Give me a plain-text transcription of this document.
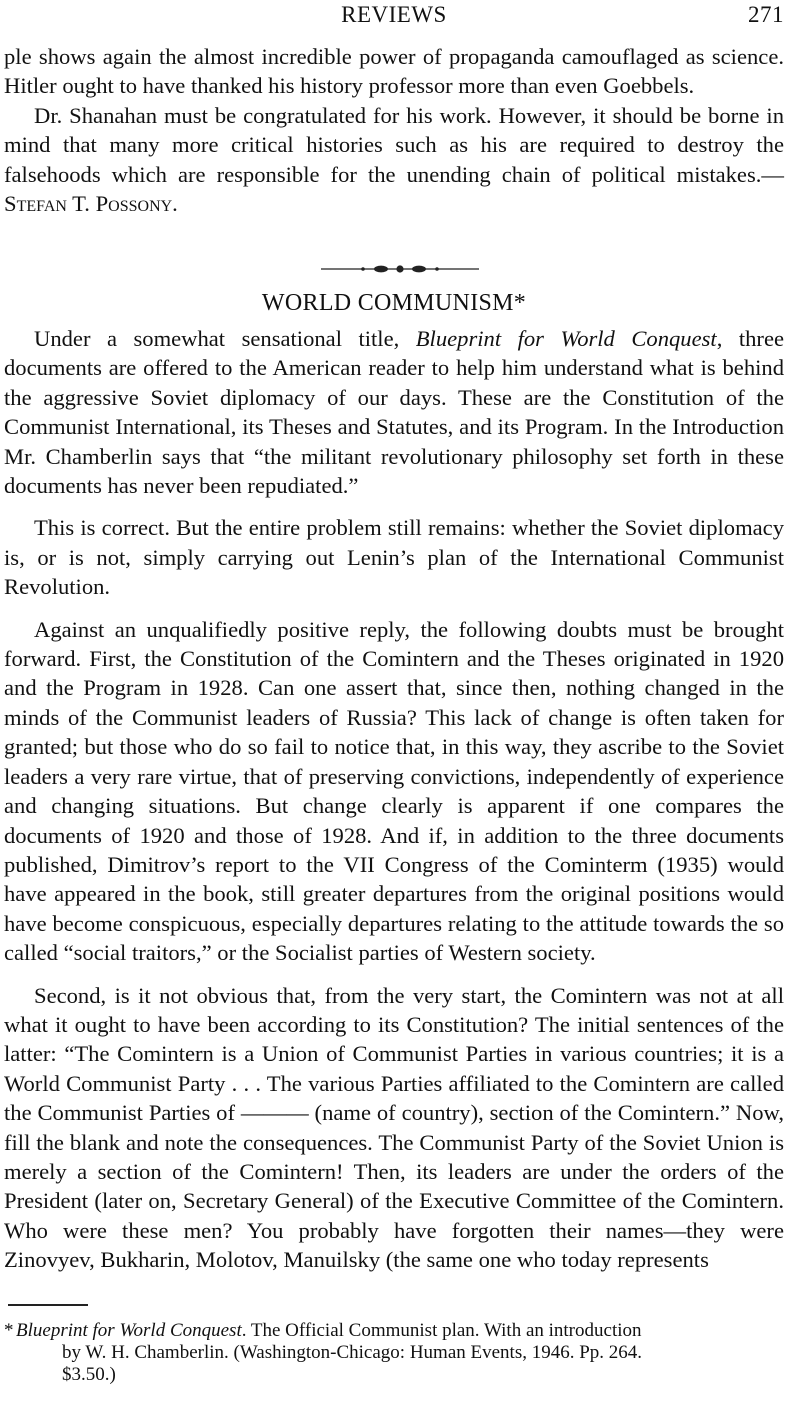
REVIEWS	271

ple shows again the almost incredible power of propaganda camouflaged as science. Hitler ought to have thanked his history professor more than even Goebbels.

Dr. Shanahan must be congratulated for his work. However, it should be borne in mind that many more critical histories such as his are required to destroy the falsehoods which are responsible for the unending chain of political mistakes.—Stefan T. Possony.

WORLD COMMUNISM*

Under a somewhat sensational title, Blueprint for World Conquest, three documents are offered to the American reader to help him understand what is behind the aggressive Soviet diplomacy of our days. These are the Constitution of the Communist International, its Theses and Statutes, and its Program. In the Introduction Mr. Chamberlin says that “the militant revolutionary philosophy set forth in these documents has never been repudiated.”

This is correct. But the entire problem still remains: whether the Soviet diplomacy is, or is not, simply carrying out Lenin’s plan of the International Communist Revolution.

Against an unqualifiedly positive reply, the following doubts must be brought forward. First, the Constitution of the Comintern and the Theses originated in 1920 and the Program in 1928. Can one assert that, since then, nothing changed in the minds of the Communist leaders of Russia? This lack of change is often taken for granted; but those who do so fail to notice that, in this way, they ascribe to the Soviet leaders a very rare virtue, that of preserving convictions, independently of experience and changing situations. But change clearly is apparent if one compares the documents of 1920 and those of 1928. And if, in addition to the three documents published, Dimitrov’s report to the VII Congress of the Cominterm (1935) would have appeared in the book, still greater departures from the original positions would have become conspicuous, especially departures relating to the attitude towards the so called “social traitors,” or the Socialist parties of Western society.

Second, is it not obvious that, from the very start, the Comintern was not at all what it ought to have been according to its Constitution? The initial sentences of the latter: “The Comintern is a Union of Communist Parties in various countries; it is a World Communist Party . . . The various Parties affiliated to the Comintern are called the Communist Parties of ——— (name of country), section of the Comintern.” Now, fill the blank and note the consequences. The Communist Party of the Soviet Union is merely a section of the Comintern! Then, its leaders are under the orders of the President (later on, Secretary General) of the Executive Committee of the Comintern. Who were these men? You probably have forgotten their names—they were Zinovyev, Bukharin, Molotov, Manuilsky (the same one who today represents

* Blueprint for World Conquest. The Official Communist plan. With an introduction
by W. H. Chamberlin. (Washington-Chicago: Human Events, 1946. Pp. 264.
$3.50.)
